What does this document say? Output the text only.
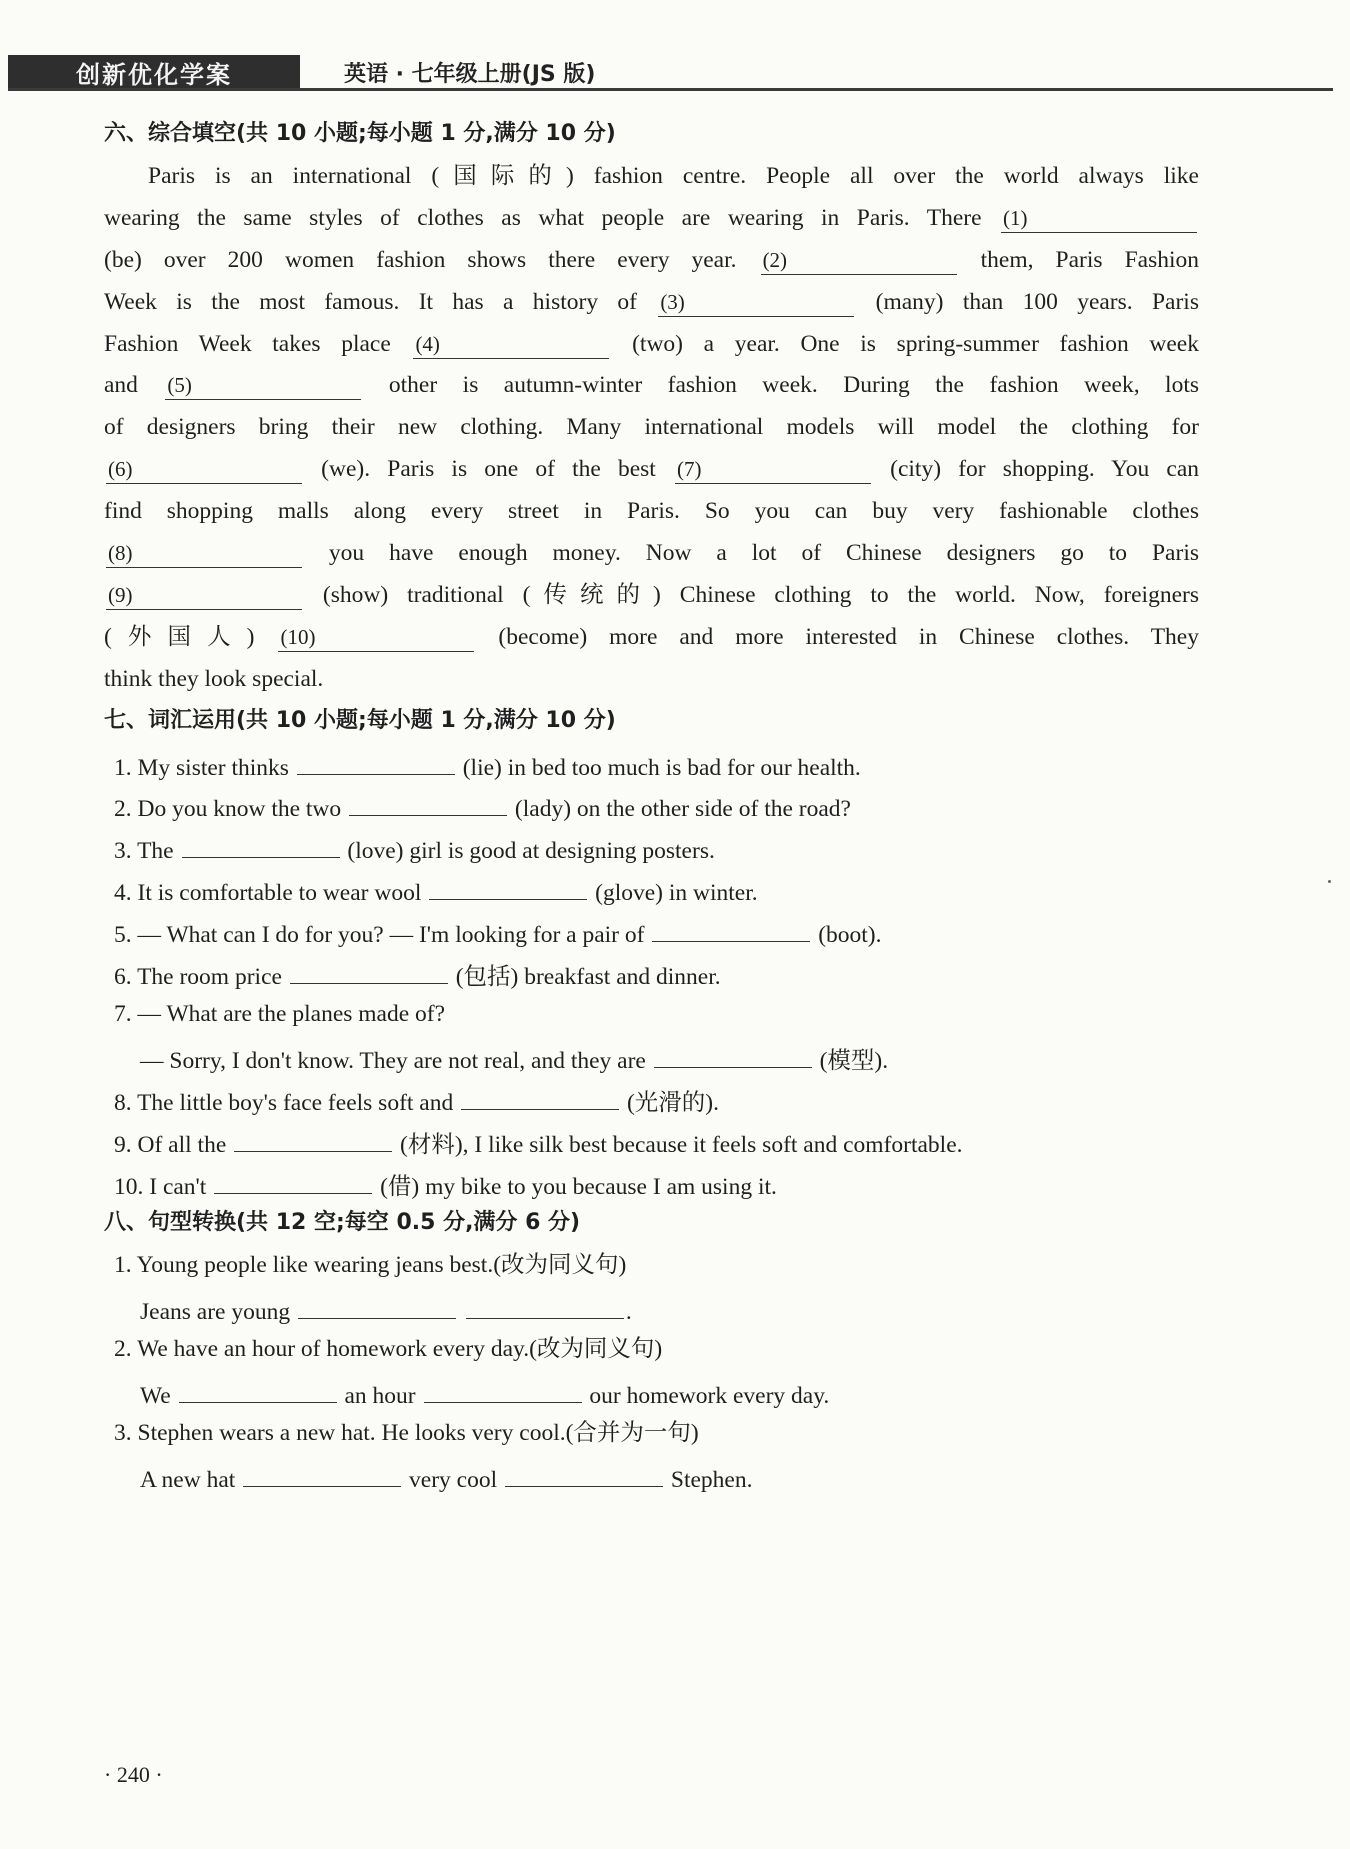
创新优化学案	英语 · 七年级上册(JS 版)
六、综合填空(共 10 小题;每小题 1 分,满分 10 分)
Paris is an international (国际的) fashion centre. People all over the world always like
wearing the same styles of clothes as what people are wearing in Paris. There (1)
(be) over 200 women fashion shows there every year. (2)	them, Paris Fashion
Week is the most famous. It has a history of (3)	(many) than 100 years. Paris
Fashion Week takes place (4)	(two) a year. One is spring-summer fashion week
and (5)	other is autumn-winter fashion week. During the fashion week, lots
of designers bring their new clothing. Many international models will model the clothing for
(6)	(we). Paris is one of the best (7)	(city) for shopping. You can
find shopping malls along every street in Paris. So you can buy very fashionable clothes
(8)	you have enough money. Now a lot of Chinese designers go to Paris
(9)	(show) traditional (传统的) Chinese clothing to the world. Now, foreigners
(外国人) (10)	(become) more and more interested in Chinese clothes. They
think they look special.
七、词汇运用(共 10 小题;每小题 1 分,满分 10 分)
1. My sister thinks	(lie) in bed too much is bad for our health.
2. Do you know the two	(lady) on the other side of the road?
3. The	(love) girl is good at designing posters.
4. It is comfortable to wear wool	(glove) in winter.
5. — What can I do for you? — I'm looking for a pair of	(boot).
6. The room price	(包括) breakfast and dinner.
7. — What are the planes made of?
— Sorry, I don't know. They are not real, and they are	(模型).
8. The little boy's face feels soft and	(光滑的).
9. Of all the	(材料), I like silk best because it feels soft and comfortable.
10. I can't	(借) my bike to you because I am using it.
八、句型转换(共 12 空;每空 0.5 分,满分 6 分)
1. Young people like wearing jeans best.(改为同义句)
Jeans are young	.
2. We have an hour of homework every day.(改为同义句)
We	an hour	our homework every day.
3. Stephen wears a new hat. He looks very cool.(合并为一句)
A new hat	very cool	Stephen.
· 240 ·
